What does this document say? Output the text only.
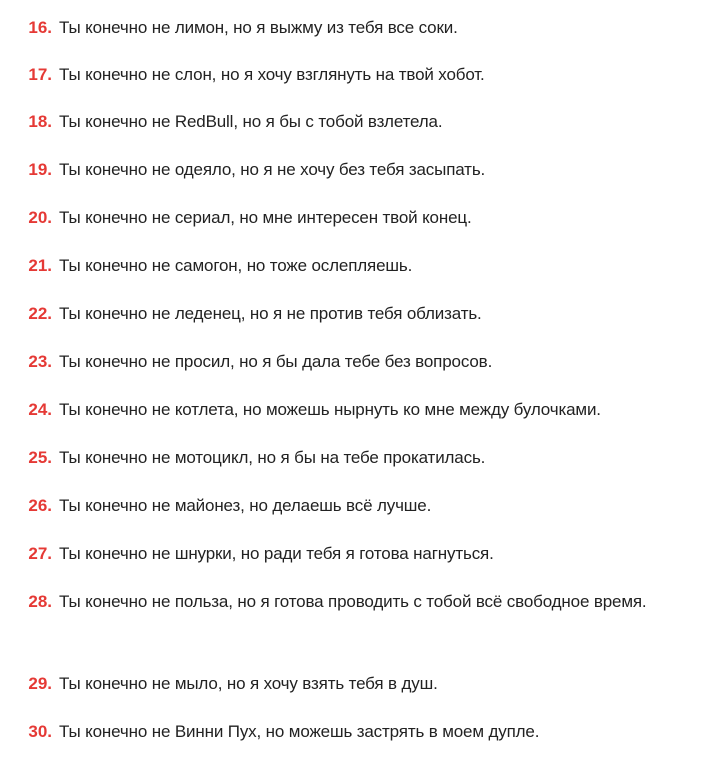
1. 16. Ты конечно не лимон, но я выжму из тебя все соки.
2. 17. Ты конечно не слон, но я хочу взглянуть на твой хобот.
3. 18. Ты конечно не RedBull, но я бы с тобой взлетела.
4. 19. Ты конечно не одеяло, но я не хочу без тебя засыпать.
5. 20. Ты конечно не сериал, но мне интересен твой конец.
6. 21. Ты конечно не самогон, но тоже ослепляешь.
7. 22. Ты конечно не леденец, но я не против тебя облизать.
8. 23. Ты конечно не просил, но я бы дала тебе без вопросов.
9. 24. Ты конечно не котлета, но можешь нырнуть ко мне между булочками.
10. 25. Ты конечно не мотоцикл, но я бы на тебе прокатилась.
11. 26. Ты конечно не майонез, но делаешь всё лучше.
12. 27. Ты конечно не шнурки, но ради тебя я готова нагнуться.
13. 28. Ты конечно не польза, но я готова проводить с тобой всё свободное время.
14. 29. Ты конечно не мыло, но я хочу взять тебя в душ.
15. 30. Ты конечно не Винни Пух, но можешь застрять в моем дупле.
